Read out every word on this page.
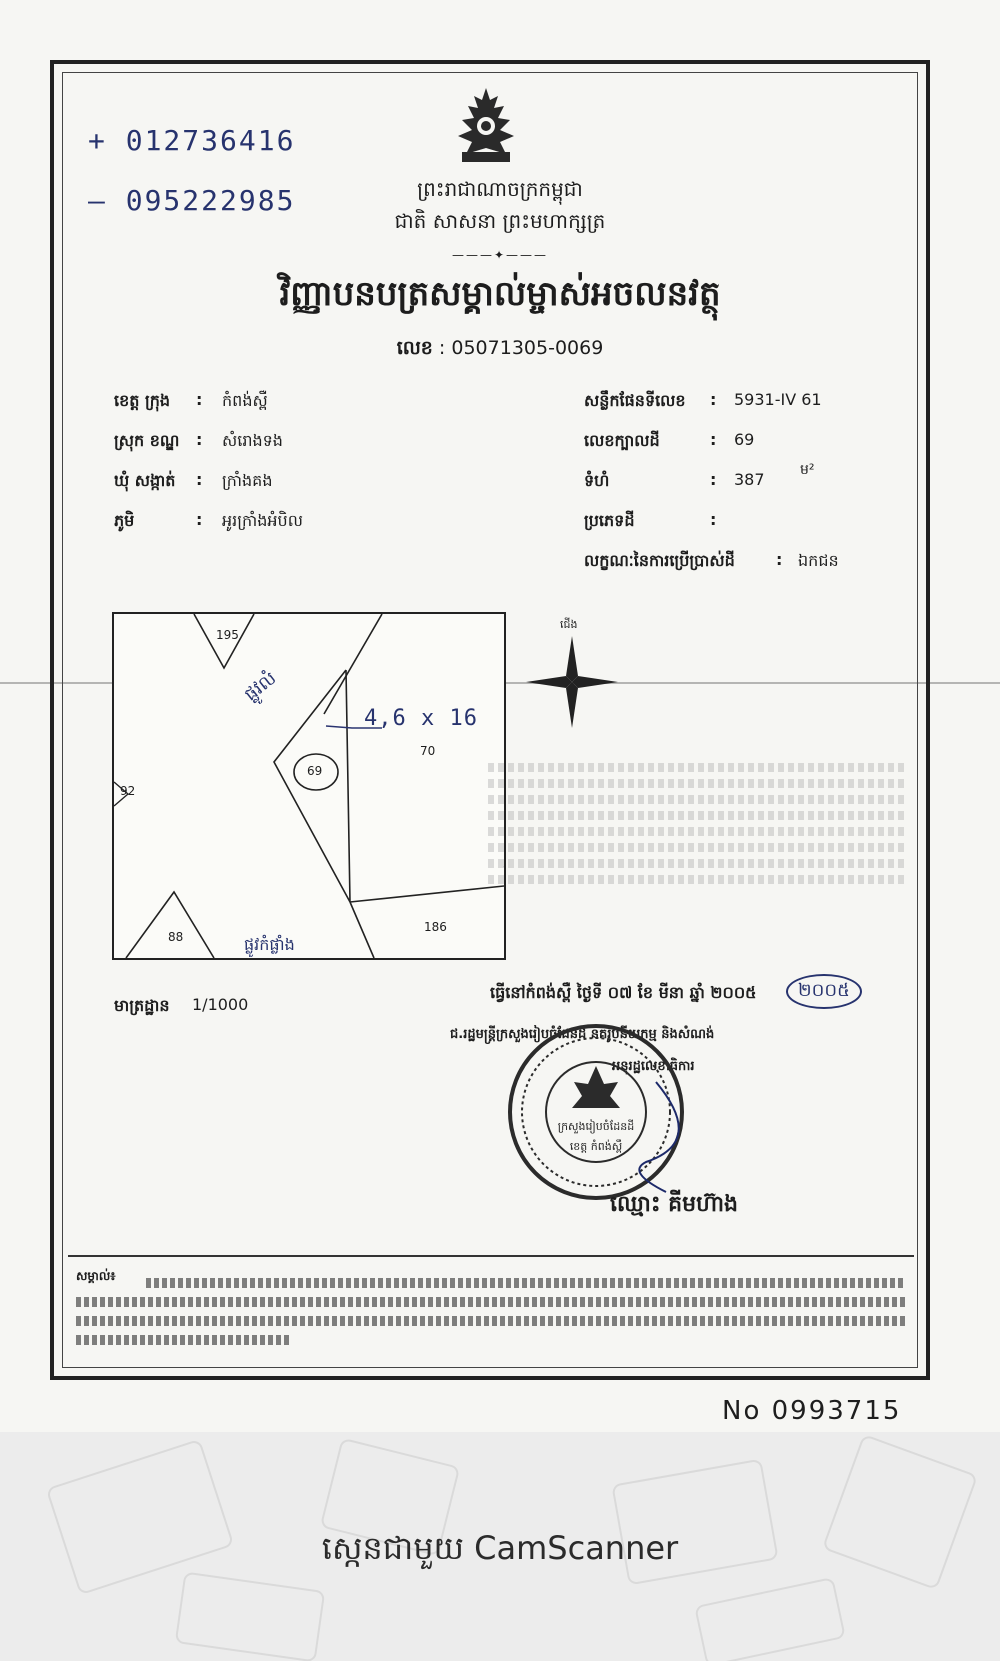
+ 012736416
— 095222985	ព្រះរាជាណាចក្រកម្ពុជា
ជាតិ សាសនា ព្រះមហាក្សត្រ
———✦———
វិញ្ញាបនបត្រសម្គាល់ម្ចាស់អចលនវត្ថុ
លេខ : 05071305-0069
ខេត្ត ក្រុង : កំពង់ស្ពឺ
ស្រុក ខណ្ឌ : សំរោងទង
ឃុំ សង្កាត់ : ក្រាំងគង
ភូមិ	: អូរក្រាំងអំបិល
សន្លឹកផែនទីលេខ : 5931-IV 61
លេខក្បាលដី	: 69
ទំហំ	: 387	ម²
ប្រភេទដី	:
លក្ខណៈនៃការប្រើប្រាស់ដី	: ឯកជន
195
69
70
92
88
186
ផ្លូវលំ
4,6 x 16
ផ្លូវកំផ្លាំង
ជើង
មាត្រដ្ឋាន 1/1000
ធ្វើនៅកំពង់ស្ពឺ ថ្ងៃទី ០៧ ខែ មីនា ឆ្នាំ ២០០៥	២០០៥
ជ.រដ្ឋមន្ត្រីក្រសួងរៀបចំដែនដី នគរូបនីយកម្ម និងសំណង់
អនុរដ្ឋលេខាធិការ
ក្រសួងរៀបចំដែនដី
ខេត្ត កំពង់ស្ពឺ
ឈ្មោះ គីមហ៊ាង
សម្គាល់៖
No 0993715
ស្កេនជាមួយ CamScanner
